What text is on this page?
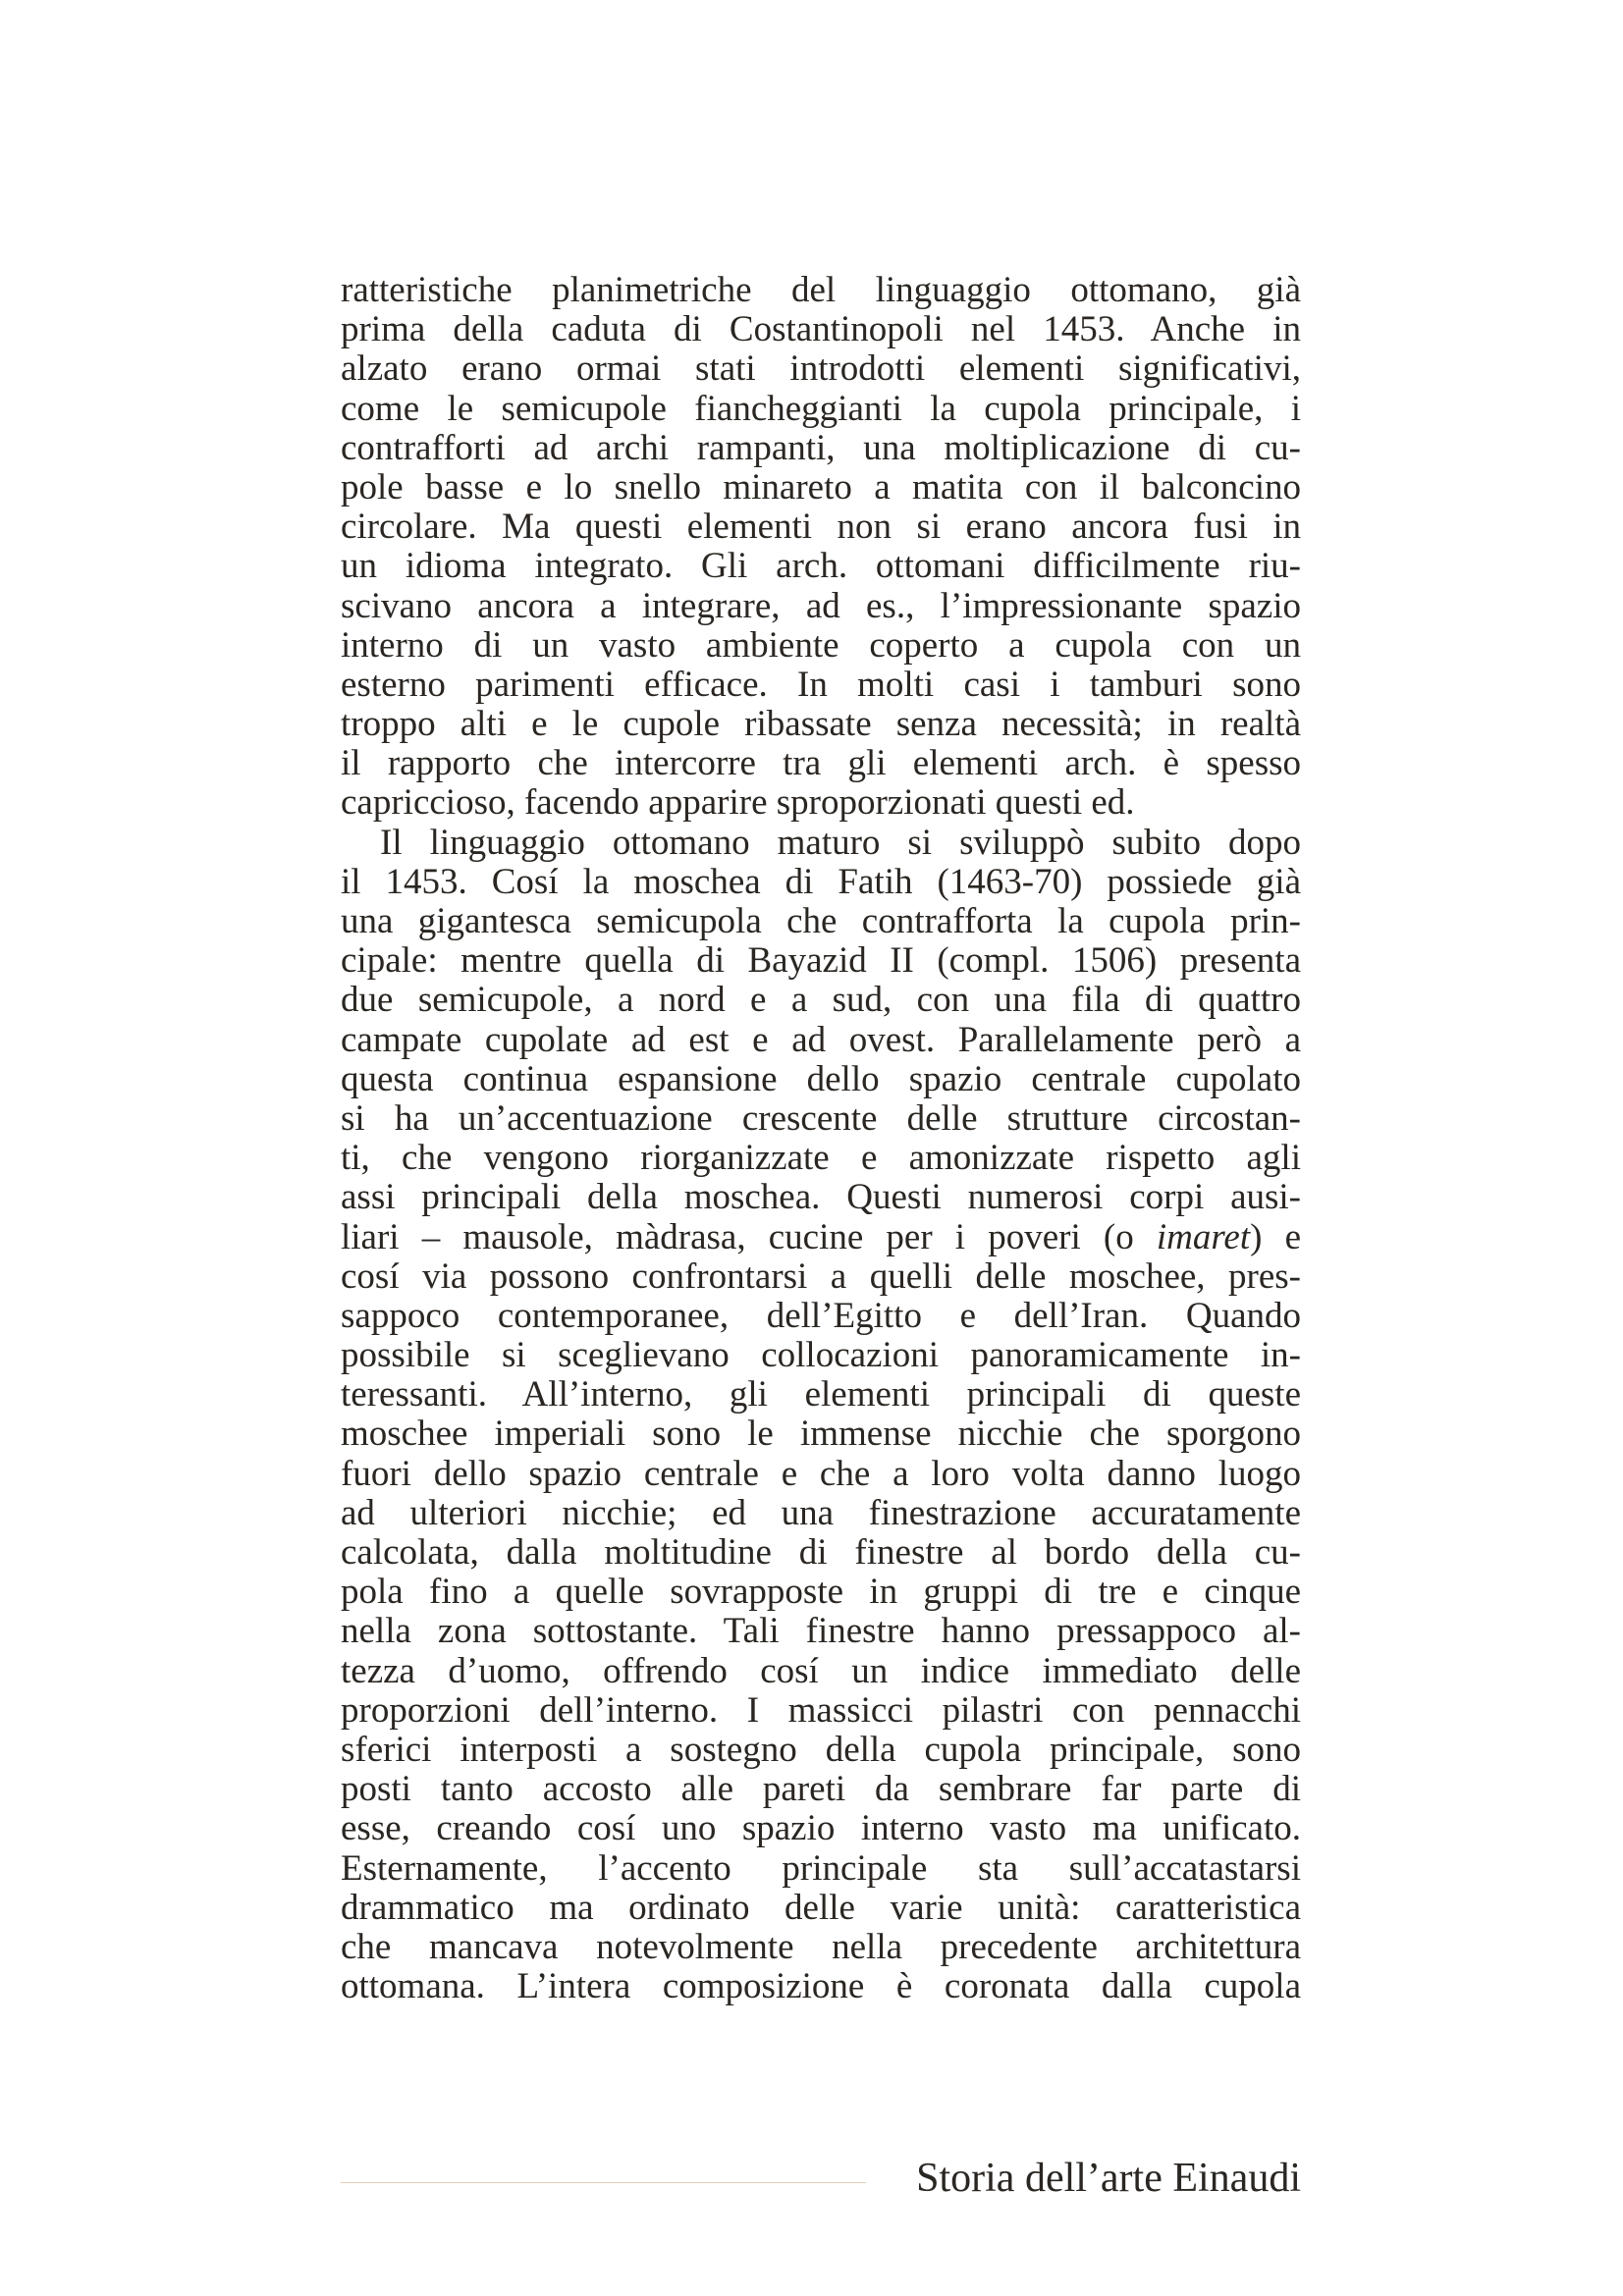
ratteristiche planimetriche del linguaggio ottomano, già
prima della caduta di Costantinopoli nel 1453. Anche in
alzato erano ormai stati introdotti elementi significativi,
come le semicupole fiancheggianti la cupola principale, i
contrafforti ad archi rampanti, una moltiplicazione di cu-
pole basse e lo snello minareto a matita con il balconcino
circolare. Ma questi elementi non si erano ancora fusi in
un idioma integrato. Gli arch. ottomani difficilmente riu-
scivano ancora a integrare, ad es., l’impressionante spazio
interno di un vasto ambiente coperto a cupola con un
esterno parimenti efficace. In molti casi i tamburi sono
troppo alti e le cupole ribassate senza necessità; in realtà
il rapporto che intercorre tra gli elementi arch. è spesso
capriccioso, facendo apparire sproporzionati questi ed.
Il linguaggio ottomano maturo si sviluppò subito dopo
il 1453. Cosí la moschea di Fatih (1463-70) possiede già
una gigantesca semicupola che contrafforta la cupola prin-
cipale: mentre quella di Bayazid II (compl. 1506) presenta
due semicupole, a nord e a sud, con una fila di quattro
campate cupolate ad est e ad ovest. Parallelamente però a
questa continua espansione dello spazio centrale cupolato
si ha un’accentuazione crescente delle strutture circostan-
ti, che vengono riorganizzate e amonizzate rispetto agli
assi principali della moschea. Questi numerosi corpi ausi-
liari – mausole, màdrasa, cucine per i poveri (o imaret) e
cosí via possono confrontarsi a quelli delle moschee, pres-
sappoco contemporanee, dell’Egitto e dell’Iran. Quando
possibile si sceglievano collocazioni panoramicamente in-
teressanti. All’interno, gli elementi principali di queste
moschee imperiali sono le immense nicchie che sporgono
fuori dello spazio centrale e che a loro volta danno luogo
ad ulteriori nicchie; ed una finestrazione accuratamente
calcolata, dalla moltitudine di finestre al bordo della cu-
pola fino a quelle sovrapposte in gruppi di tre e cinque
nella zona sottostante. Tali finestre hanno pressappoco al-
tezza d’uomo, offrendo cosí un indice immediato delle
proporzioni dell’interno. I massicci pilastri con pennacchi
sferici interposti a sostegno della cupola principale, sono
posti tanto accosto alle pareti da sembrare far parte di
esse, creando cosí uno spazio interno vasto ma unificato.
Esternamente, l’accento principale sta sull’accatastarsi
drammatico ma ordinato delle varie unità: caratteristica
che mancava notevolmente nella precedente architettura
ottomana. L’intera composizione è coronata dalla cupola
Storia dell’arte Einaudi
